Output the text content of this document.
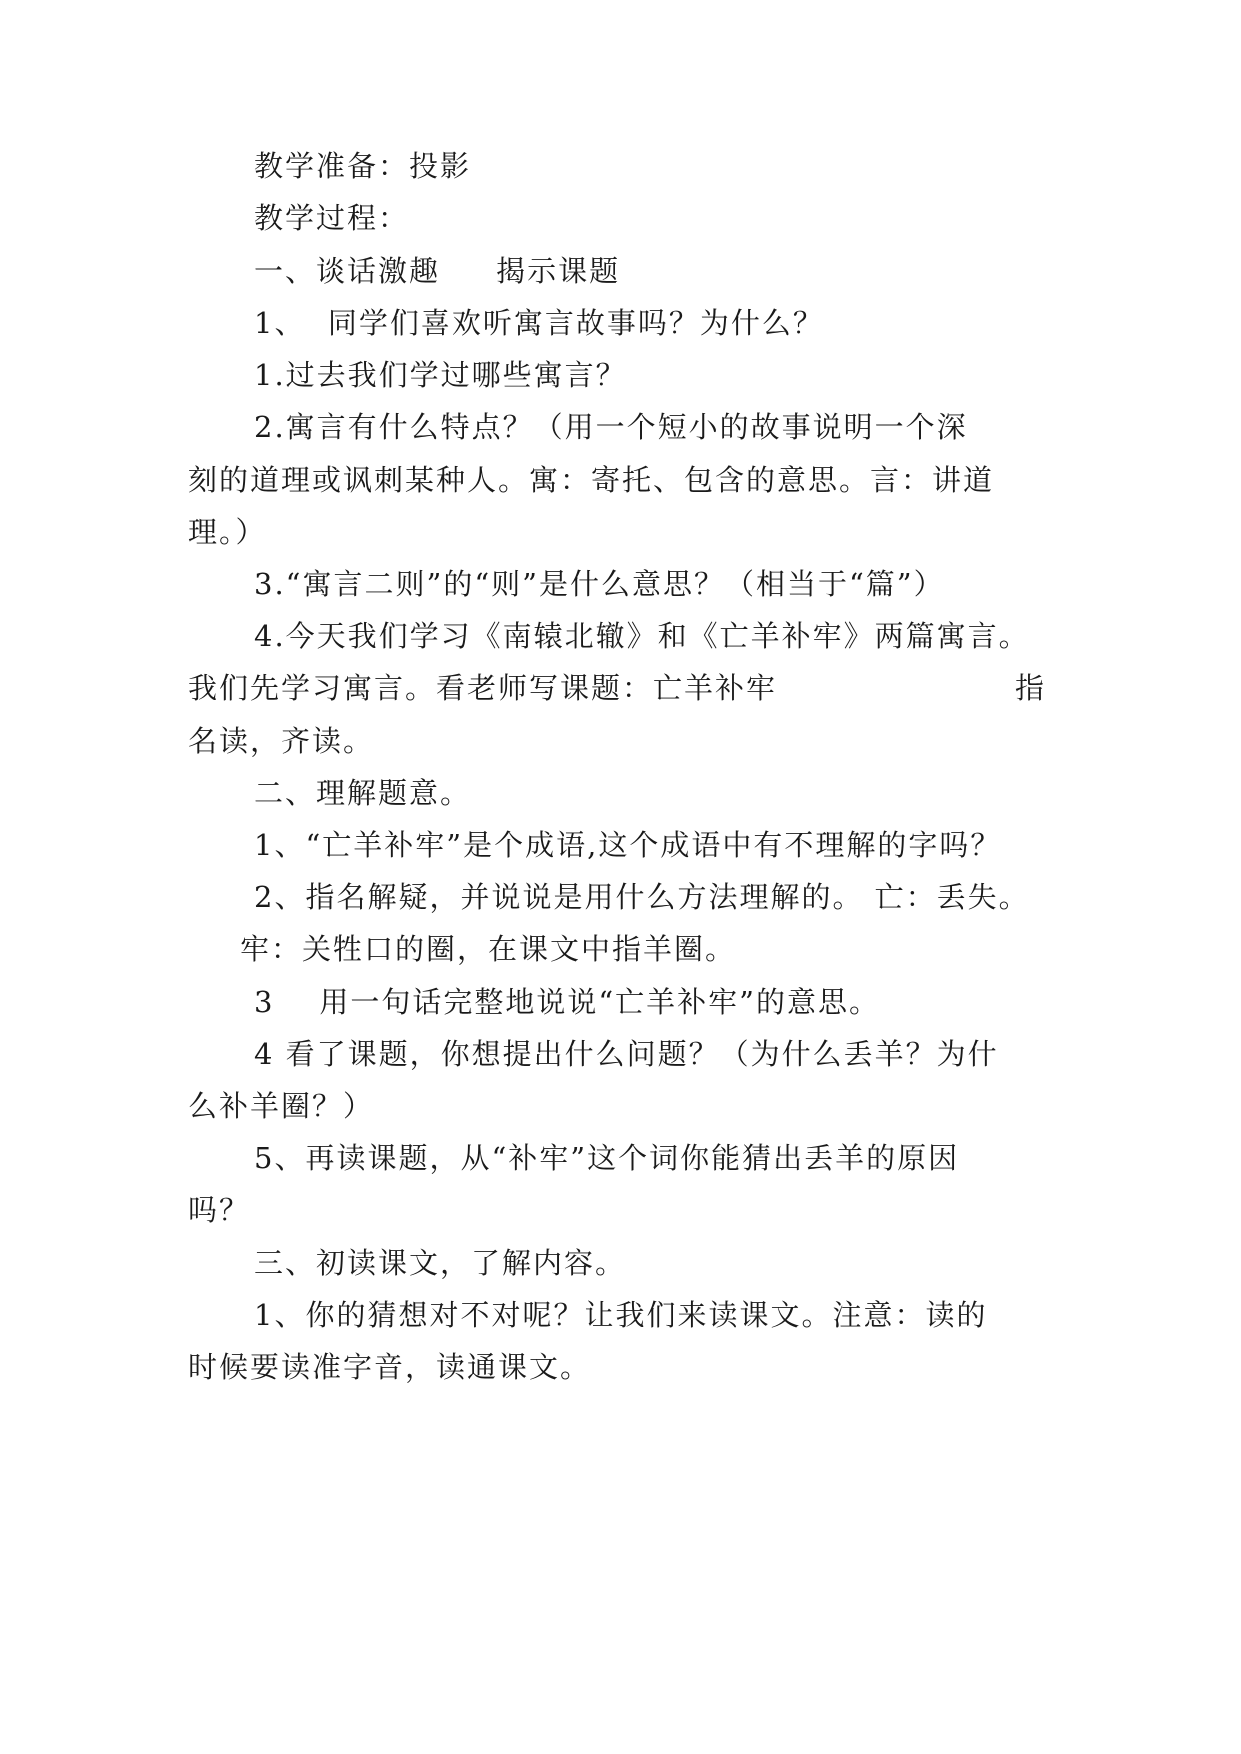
教学准备：投影
教学过程：
一、谈话激趣     揭示课题
1、  同学们喜欢听寓言故事吗？为什么？
1.过去我们学过哪些寓言？
2.寓言有什么特点？（用一个短小的故事说明一个深
刻的道理或讽刺某种人。寓：寄托、包含的意思。言：讲道
理。）
3.“寓言二则”的“则”是什么意思？（相当于“篇”）
4.今天我们学习《南辕北辙》和《亡羊补牢》两篇寓言。
我们先学习寓言。看老师写课题：亡羊补牢	指
名读，齐读。
二、理解题意。
1、“亡羊补牢”是个成语,这个成语中有不理解的字吗？
2、指名解疑，并说说是用什么方法理解的。 亡：丢失。
牢：关牲口的圈，在课文中指羊圈。
3    用一句话完整地说说“亡羊补牢”的意思。
4 看了课题，你想提出什么问题？（为什么丢羊？为什
么补羊圈？）
5、再读课题，从“补牢”这个词你能猜出丢羊的原因
吗？
三、初读课文，了解内容。
1、你的猜想对不对呢？让我们来读课文。注意：读的
时候要读准字音，读通课文。
